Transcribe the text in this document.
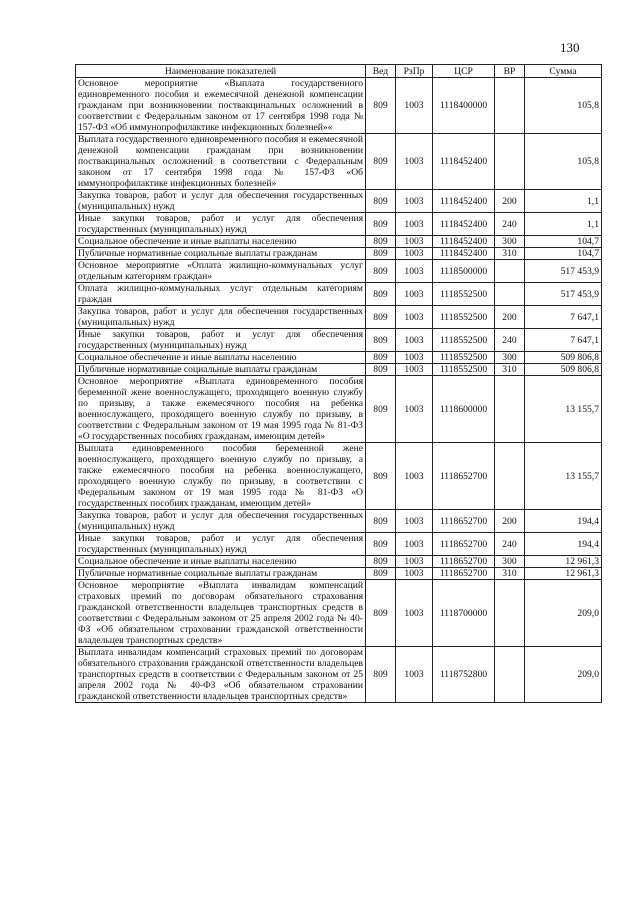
130
Наименование показателей	Вед	РзПр	ЦСР	ВР	Сумма
Основное мероприятие «Выплата государственного единовременного пособия и ежемесячной денежной компенсации гражданам при возникновении поствакцинальных осложнений в соответствии с Федеральным законом от 17 сентября 1998 года № 157-ФЗ «Об иммунопрофилактике инфекционных болезней»«	809	1003	1118400000		105,8
Выплата государственного единовременного пособия и ежемесячной денежной компенсации гражданам при возникновении поствакцинальных осложнений в соответствии с Федеральным законом от 17 сентября 1998 года № 157-ФЗ «Об иммунопрофилактике инфекционных болезней»	809	1003	1118452400		105,8
Закупка товаров, работ и услуг для обеспечения государственных (муниципальных) нужд	809	1003	1118452400	200	1,1
Иные закупки товаров, работ и услуг для обеспечения государственных (муниципальных) нужд	809	1003	1118452400	240	1,1
Социальное обеспечение и иные выплаты населению	809	1003	1118452400	300	104,7
Публичные нормативные социальные выплаты гражданам	809	1003	1118452400	310	104,7
Основное мероприятие «Оплата жилищно-коммунальных услуг отдельным категориям граждан»	809	1003	1118500000		517 453,9
Оплата жилищно-коммунальных услуг отдельным категориям граждан	809	1003	1118552500		517 453,9
Закупка товаров, работ и услуг для обеспечения государственных (муниципальных) нужд	809	1003	1118552500	200	7 647,1
Иные закупки товаров, работ и услуг для обеспечения государственных (муниципальных) нужд	809	1003	1118552500	240	7 647,1
Социальное обеспечение и иные выплаты населению	809	1003	1118552500	300	509 806,8
Публичные нормативные социальные выплаты гражданам	809	1003	1118552500	310	509 806,8
Основное мероприятие «Выплата единовременного пособия беременной жене военнослужащего, проходящего военную службу по призыву, а также ежемесячного пособия на ребенка военнослужащего, проходящего военную службу по призыву, в соответствии с Федеральным законом от 19 мая 1995 года № 81-ФЗ «О государственных пособиях гражданам, имеющим детей»	809	1003	1118600000		13 155,7
Выплата единовременного пособия беременной жене военнослужащего, проходящего военную службу по призыву, а также ежемесячного пособия на ребенка военнослужащего, проходящего военную службу по призыву, в соответствии с Федеральным законом от 19 мая 1995 года № 81-ФЗ «О государственных пособиях гражданам, имеющим детей»	809	1003	1118652700		13 155,7
Закупка товаров, работ и услуг для обеспечения государственных (муниципальных) нужд	809	1003	1118652700	200	194,4
Иные закупки товаров, работ и услуг для обеспечения государственных (муниципальных) нужд	809	1003	1118652700	240	194,4
Социальное обеспечение и иные выплаты населению	809	1003	1118652700	300	12 961,3
Публичные нормативные социальные выплаты гражданам	809	1003	1118652700	310	12 961,3
Основное мероприятие «Выплата инвалидам компенсаций страховых премий по договорам обязательного страхования гражданской ответственности владельцев транспортных средств в соответствии с Федеральным законом от 25 апреля 2002 года № 40-ФЗ «Об обязательном страховании гражданской ответственности владельцев транспортных средств»	809	1003	1118700000		209,0
Выплата инвалидам компенсаций страховых премий по договорам обязательного страхования гражданской ответственности владельцев транспортных средств в соответствии с Федеральным законом от 25 апреля 2002 года № 40-ФЗ «Об обязательном страховании гражданской ответственности владельцев транспортных средств»	809	1003	1118752800		209,0
